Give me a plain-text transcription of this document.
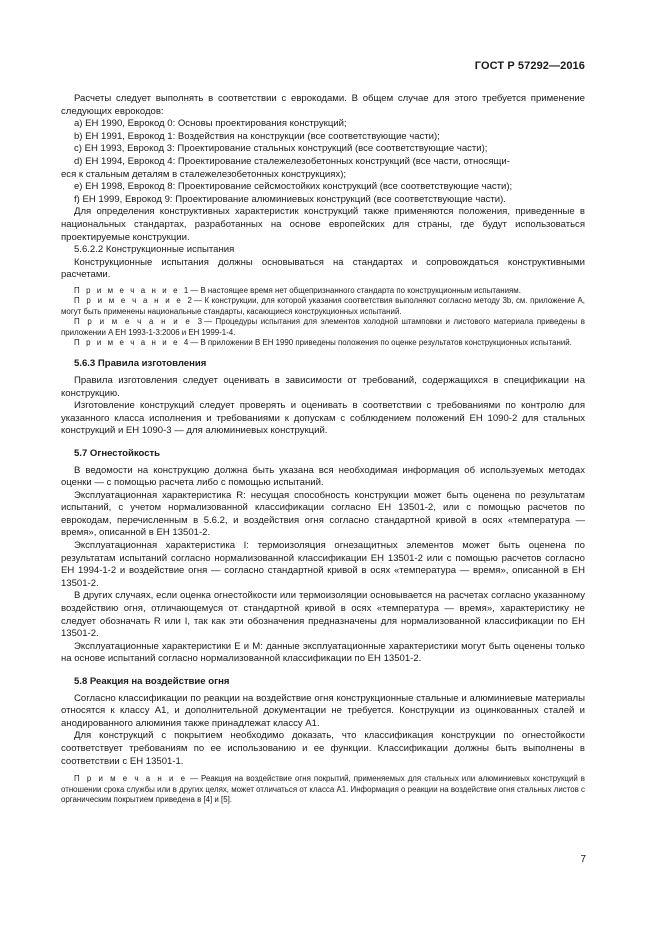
ГОСТ Р 57292—2016

Расчеты следует выполнять в соответствии с еврокодами. В общем случае для этого требуется применение следующих еврокодов:

a) ЕН 1990, Еврокод 0: Основы проектирования конструкций;

b) ЕН 1991, Еврокод 1: Воздействия на конструкции (все соответствующие части);

c) ЕН 1993, Еврокод 3: Проектирование стальных конструкций (все соответствующие части);

d) ЕН 1994, Еврокод 4: Проектирование сталежелезобетонных конструкций (все части, относящи-

еся к стальным деталям в сталежелезобетонных конструкциях);

e) ЕН 1998, Еврокод 8: Проектирование сейсмостойких конструкций (все соответствующие части);

f) ЕН 1999, Еврокод 9: Проектирование алюминиевых конструкций (все соответствующие части).

Для определения конструктивных характеристик конструкций также применяются положения, приведенные в национальных стандартах, разработанных на основе европейских для страны, где будут использоваться проектируемые конструкции.

5.6.2.2 Конструкционные испытания

Конструкционные испытания должны основываться на стандартах и сопровождаться конструктивными расчетами.

П р и м е ч а н и е 1— В настоящее время нет общепризнанного стандарта по конструкционным испытаниям.
П р и м е ч а н и е 2— К конструкции, для которой указания соответствия выполняют согласно методу 3b, см. приложение A, могут быть применены национальные стандарты, касающиеся конструкционных испытаний.
П р и м е ч а н и е 3— Процедуры испытания для элементов холодной штамповки и листового материала приведены в приложении A ЕН 1993-1-3:2006 и ЕН 1999-1-4.
П р и м е ч а н и е 4— В приложении B ЕН 1990 приведены положения по оценке результатов конструкционных испытаний.
5.6.3 Правила изготовления

Правила изготовления следует оценивать в зависимости от требований, содержащихся в спецификации на конструкцию.

Изготовление конструкций следует проверять и оценивать в соответствии с требованиями по контролю для указанного класса исполнения и требованиями к допускам с соблюдением положений ЕН 1090-2 для стальных конструкций и ЕН 1090-3 — для алюминиевых конструкций.

5.7 Огнестойкость

В ведомости на конструкцию должна быть указана вся необходимая информация об используемых методах оценки — с помощью расчета либо с помощью испытаний.

Эксплуатационная характеристика R: несущая способность конструкции может быть оценена по результатам испытаний, с учетом нормализованной классификации согласно ЕН 13501-2, или с помощью расчетов по еврокодам, перечисленным в 5.6.2, и воздействия огня согласно стандартной кривой в осях «температура — время», описанной в ЕН 13501-2.

Эксплуатационная характеристика I: термоизоляция огнезащитных элементов может быть оценена по результатам испытаний согласно нормализованной классификации ЕН 13501-2 или с помощью расчетов согласно ЕН 1994-1-2 и воздействие огня — согласно стандартной кривой в осях «температура — время», описанной в ЕН 13501-2.

В других случаях, если оценка огнестойкости или термоизоляции основывается на расчетах согласно указанному воздействию огня, отличающемуся от стандартной кривой в осях «температура — время», характеристику не следует обозначать R или I, так как эти обозначения предназначены для нормализованной классификации по ЕН 13501-2.

Эксплуатационные характеристики E и M: данные эксплуатационные характеристики могут быть оценены только на основе испытаний согласно нормализованной классификации по ЕН 13501-2.

5.8 Реакция на воздействие огня

Согласно классификации по реакции на воздействие огня конструкционные стальные и алюминиевые материалы относятся к классу A1, и дополнительной документации не требуется. Конструкции из оцинкованных сталей и анодированного алюминия также принадлежат классу A1.

Для конструкций с покрытием необходимо доказать, что классификация конструкции по огнестойкости соответствует требованиям по ее использованию и ее функции. Классификации должны быть выполнены в соответствии с ЕН 13501-1.

П р и м е ч а н и е — Реакция на воздействие огня покрытий, применяемых для стальных или алюминиевых конструкций в отношении срока службы или в других целях, может отличаться от класса A1. Информация о реакции на воздействие огня стальных листов с органическим покрытием приведена в [4] и [5].
7
